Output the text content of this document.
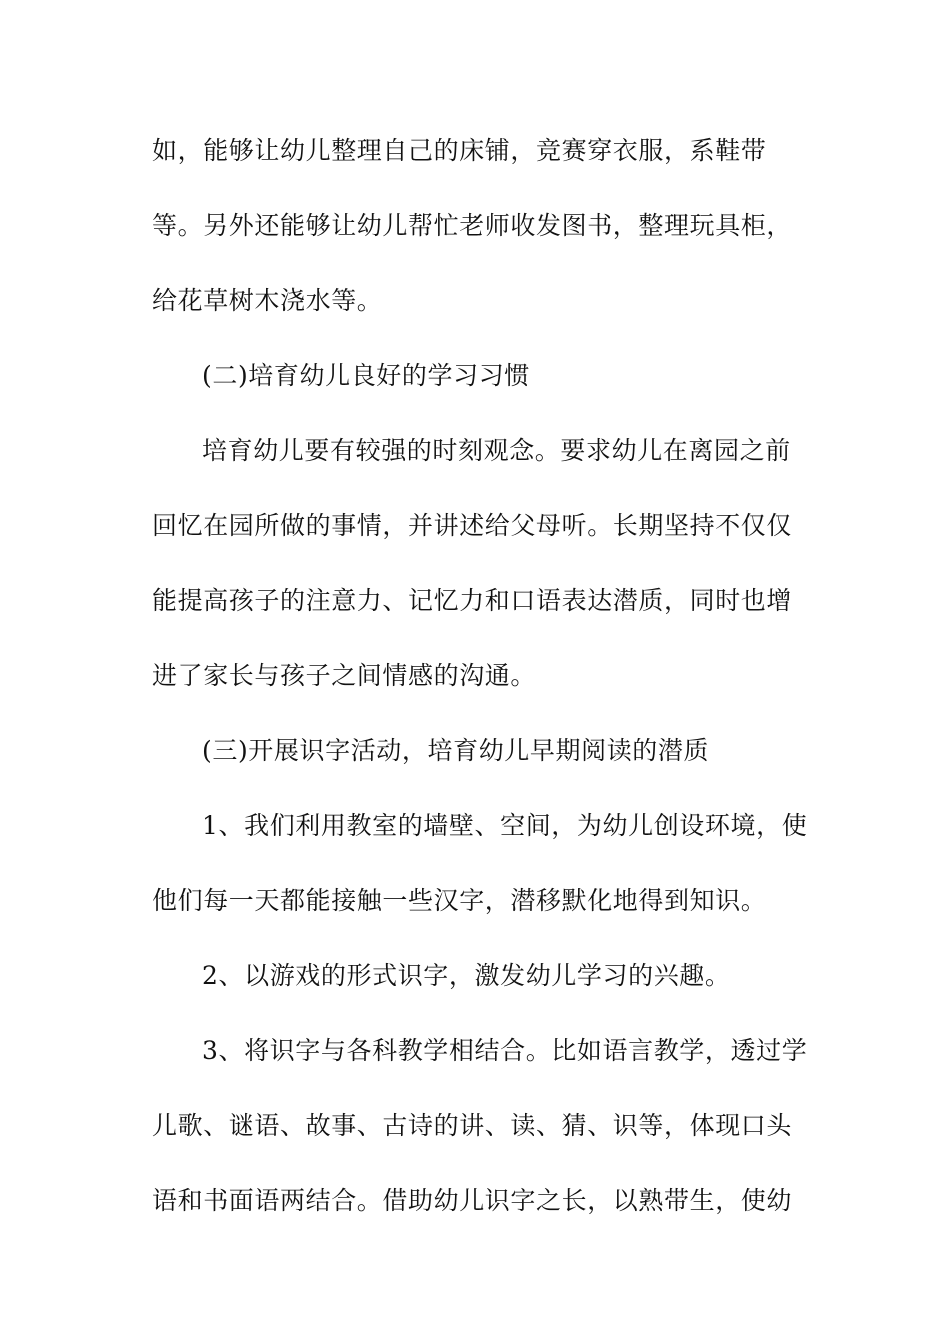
如，能够让幼儿整理自己的床铺，竞赛穿衣服，系鞋带
等。另外还能够让幼儿帮忙老师收发图书，整理玩具柜，
给花草树木浇水等。
(二)培育幼儿良好的学习习惯
培育幼儿要有较强的时刻观念。要求幼儿在离园之前
回忆在园所做的事情，并讲述给父母听。长期坚持不仅仅
能提高孩子的注意力、记忆力和口语表达潜质，同时也增
进了家长与孩子之间情感的沟通。
(三)开展识字活动，培育幼儿早期阅读的潜质
1、我们利用教室的墙壁、空间，为幼儿创设环境，使
他们每一天都能接触一些汉字，潜移默化地得到知识。
2、以游戏的形式识字，激发幼儿学习的兴趣。
3、将识字与各科教学相结合。比如语言教学，透过学
儿歌、谜语、故事、古诗的讲、读、猜、识等，体现口头
语和书面语两结合。借助幼儿识字之长，以熟带生，使幼
